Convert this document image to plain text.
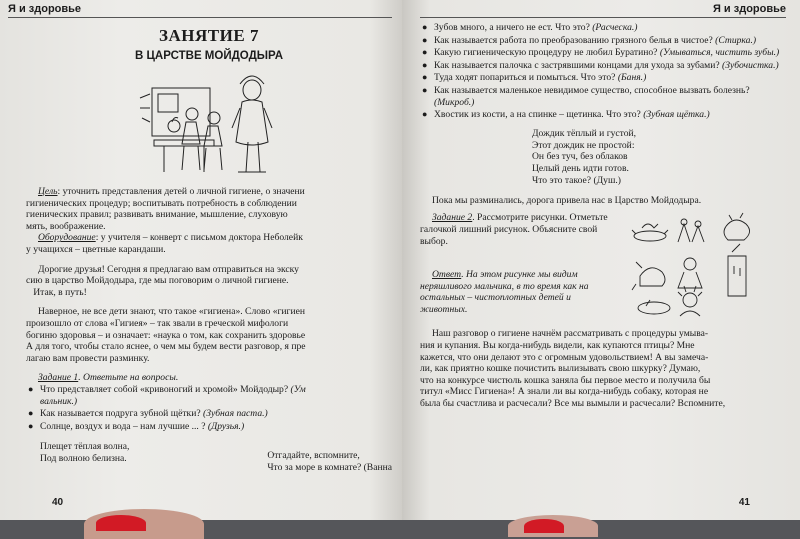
Я и здоровье
ЗАНЯТИЕ 7
В ЦАРСТВЕ МОЙДОДЫРА

Цель: уточнить представления детей о личной гигиене, о значени
гигиенических процедур; воспитывать потребность в соблюдении
гиенических правил; развивать внимание, мышление, слуховую
мять, воображение.

Оборудование: у учителя – конверт с письмом доктора Неболейк
у учащихся – цветные карандаши.

Дорогие друзья! Сегодня я предлагаю вам отправиться на экску
сию в царство Мойдодыра, где мы поговорим о личной гигиене.
Итак, в путь!

Наверное, не все дети знают, что такое «гигиена». Слово «гигиен
произошло от слова «Гигиея» – так звали в греческой мифологи
богиню здоровья – и означает: «наука о том, как сохранить здоровье
А для того, чтобы стало яснее, о чем мы будем вести разговор, я пре
лагаю вам провести разминку.

Задание 1. Ответьте на вопросы.

● Что представляет собой «кривоногий и хромой» Мойдодыр? (Ум
вальник.)
● Как называется подруга зубной щётки? (Зубная паста.)
● Солнце, воздух и вода – нам лучшие ... ? (Друзья.)
Плещет тёплая волна,
Под волною белизна.	Отгадайте, вспомните,
Что за море в комнате? (Ванна
40
Я и здоровье
● Зубов много, а ничего не ест. Что это? (Расческа.)
● Как называется работа по преобразованию грязного белья в чистое? (Стирка.)
● Какую гигиеническую процедуру не любил Буратино? (Умываться, чистить зубы.)
● Как называется палочка с застрявшими концами для ухода за зубами? (Зубочистка.)
● Туда ходят попариться и помыться. Что это? (Баня.)
● Как называется маленькое невидимое существо, способное вызвать болезнь? (Микроб.)
● Хвостик из кости, а на спинке – щетинка. Что это? (Зубная щётка.)
Дождик тёплый и густой,
Этот дождик не простой:
Он без туч, без облаков
Целый день идти готов.
Что это такое? (Душ.)

Пока мы разминались, дорога привела нас в Царство Мойдодыра.

Задание 2. Рассмотрите рисунки. Отметьте галочкой лишний рисунок. Объясните свой выбор.

Ответ. На этом рисунке мы видим неряшливого мальчика, в то время как на остальных – чистоплотных детей и животных.

Наш разговор о гигиене начнём рассматривать с процедуры умыва-
ния и купания. Вы когда-нибудь видели, как купаются птицы? Мне
кажется, что они делают это с огромным удовольствием! А вы замеча-
ли, как приятно кошке почистить вылизывать свою шкурку? Думаю,
что на конкурсе чистюль кошка заняла бы первое место и получила бы
титул «Мисс Гигиена»! А знали ли вы когда-нибудь собаку, которая не
была бы счастлива и расчесали? Все мы вымыли и расчесали? Вспомните,

41
